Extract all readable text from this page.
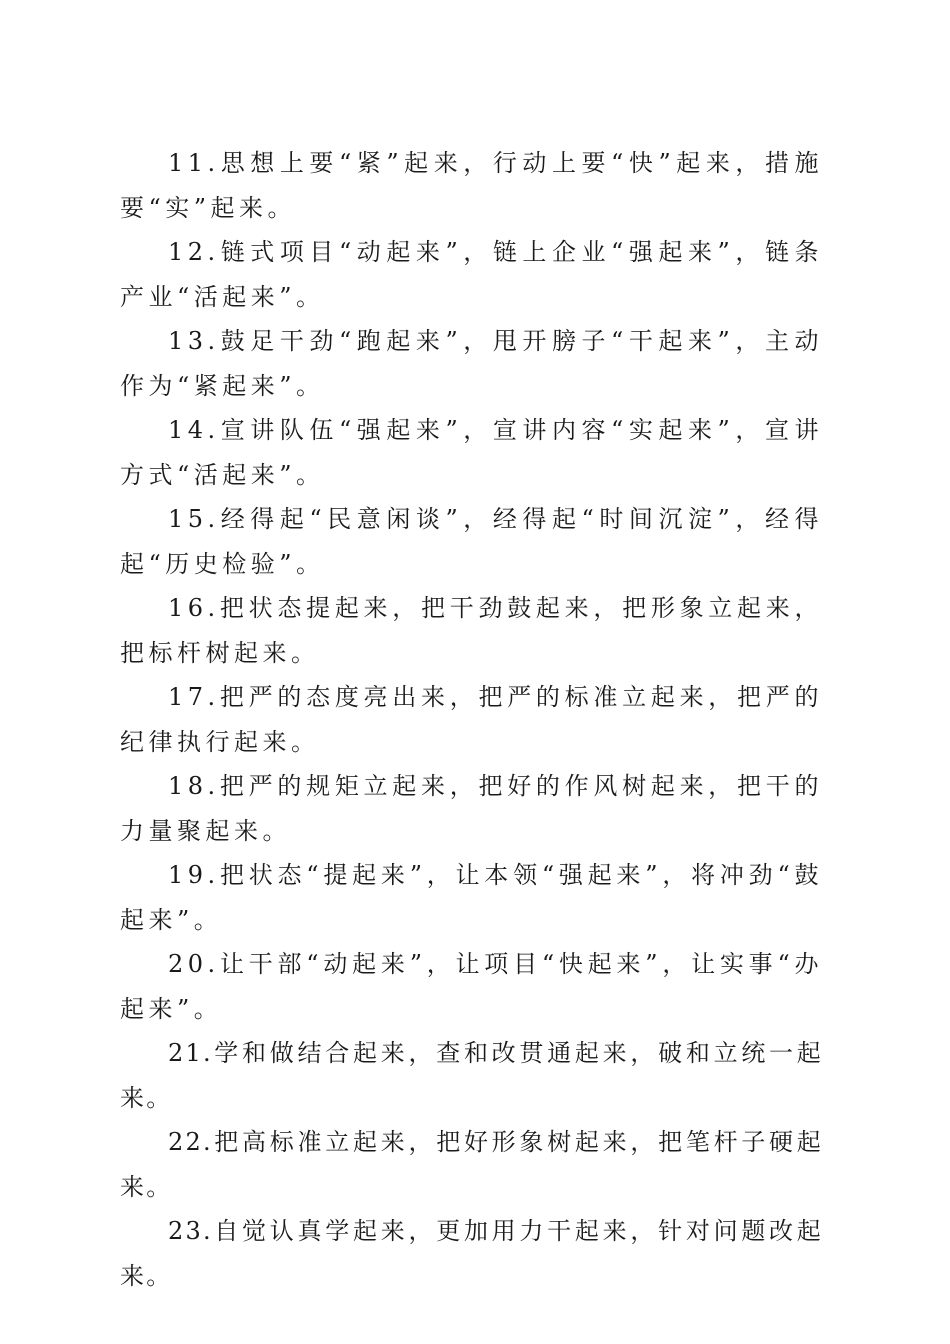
11.思想上要“紧”起来，行动上要“快”起来，措施要“实”起来。

12.链式项目“动起来”，链上企业“强起来”，链条产业“活起来”。

13.鼓足干劲“跑起来”，甩开膀子“干起来”，主动作为“紧起来”。

14.宣讲队伍“强起来”，宣讲内容“实起来”，宣讲方式“活起来”。

15.经得起“民意闲谈”，经得起“时间沉淀”，经得起“历史检验”。

16.把状态提起来，把干劲鼓起来，把形象立起来，把标杆树起来。

17.把严的态度亮出来，把严的标准立起来，把严的纪律执行起来。

18.把严的规矩立起来，把好的作风树起来，把干的力量聚起来。

19.把状态“提起来”，让本领“强起来”，将冲劲“鼓起来”。

20.让干部“动起来”，让项目“快起来”，让实事“办起来”。

21.学和做结合起来，查和改贯通起来，破和立统一起来。

22.把高标准立起来，把好形象树起来，把笔杆子硬起来。

23.自觉认真学起来，更加用力干起来，针对问题改起来。
